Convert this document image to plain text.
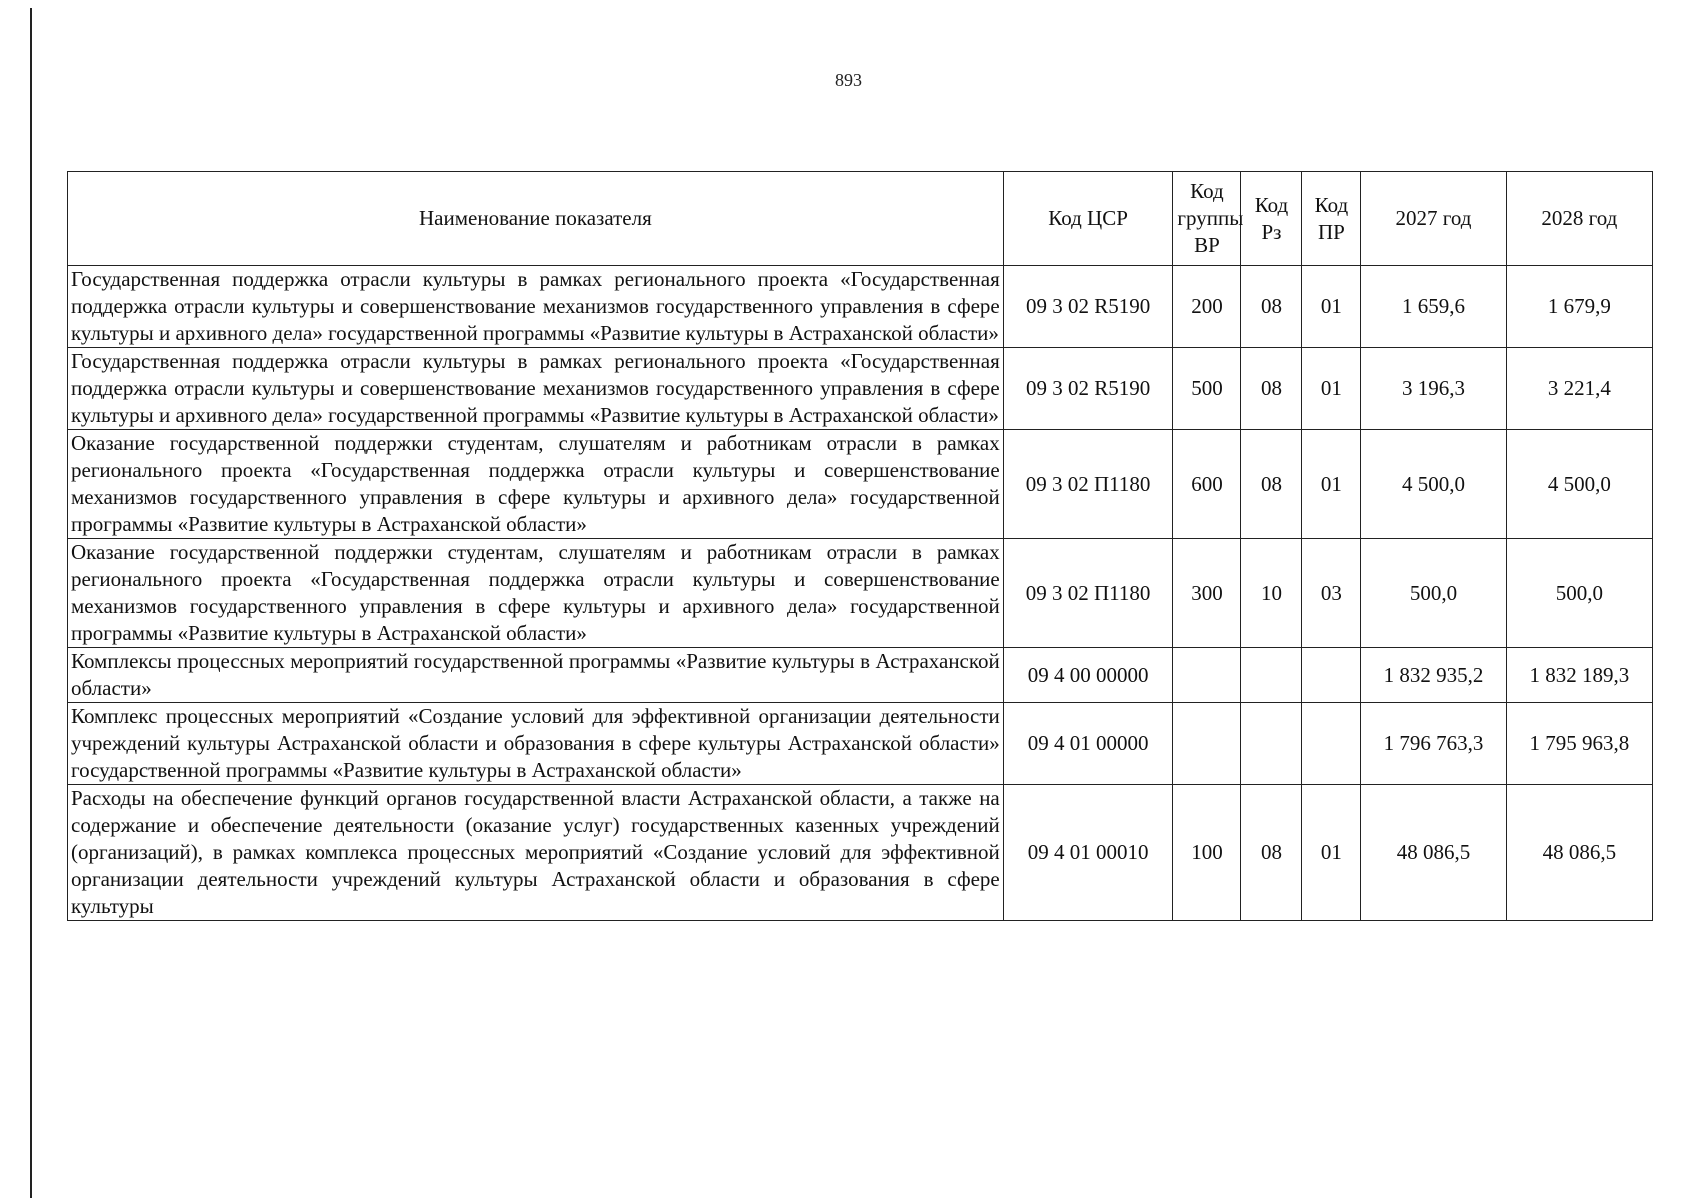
893
Наименование показателя	Код ЦСР	Код группы ВР	Код Рз	Код ПР	2027 год	2028 год
Государственная поддержка отрасли культуры в рамках регионального проекта «Государственная поддержка отрасли культуры и совершенствование механизмов государственного управления в сфере культуры и архивного дела» государственной программы «Развитие культуры в Астраханской области»	09 3 02 R5190	200	08	01	1 659,6	1 679,9
Государственная поддержка отрасли культуры в рамках регионального проекта «Государственная поддержка отрасли культуры и совершенствование механизмов государственного управления в сфере культуры и архивного дела» государственной программы «Развитие культуры в Астраханской области»	09 3 02 R5190	500	08	01	3 196,3	3 221,4
Оказание государственной поддержки студентам, слушателям и работникам отрасли в рамках регионального проекта «Государственная поддержка отрасли культуры и совершенствование механизмов государственного управления в сфере культуры и архивного дела» государственной программы «Развитие культуры в Астраханской области»	09 3 02 П1180	600	08	01	4 500,0	4 500,0
Оказание государственной поддержки студентам, слушателям и работникам отрасли в рамках регионального проекта «Государственная поддержка отрасли культуры и совершенствование механизмов государственного управления в сфере культуры и архивного дела» государственной программы «Развитие культуры в Астраханской области»	09 3 02 П1180	300	10	03	500,0	500,0
Комплексы процессных мероприятий государственной программы «Развитие культуры в Астраханской области»	09 4 00 00000				1 832 935,2	1 832 189,3
Комплекс процессных мероприятий «Создание условий для эффективной организации деятельности учреждений культуры Астраханской области и образования в сфере культуры Астраханской области» государственной программы «Развитие культуры в Астраханской области»	09 4 01 00000				1 796 763,3	1 795 963,8
Расходы на обеспечение функций органов государственной власти Астраханской области, а также на содержание и обеспечение деятельности (оказание услуг) государственных казенных учреждений (организаций), в рамках комплекса процессных мероприятий «Создание условий для эффективной организации деятельности учреждений культуры Астраханской области и образования в сфере культуры	09 4 01 00010	100	08	01	48 086,5	48 086,5
